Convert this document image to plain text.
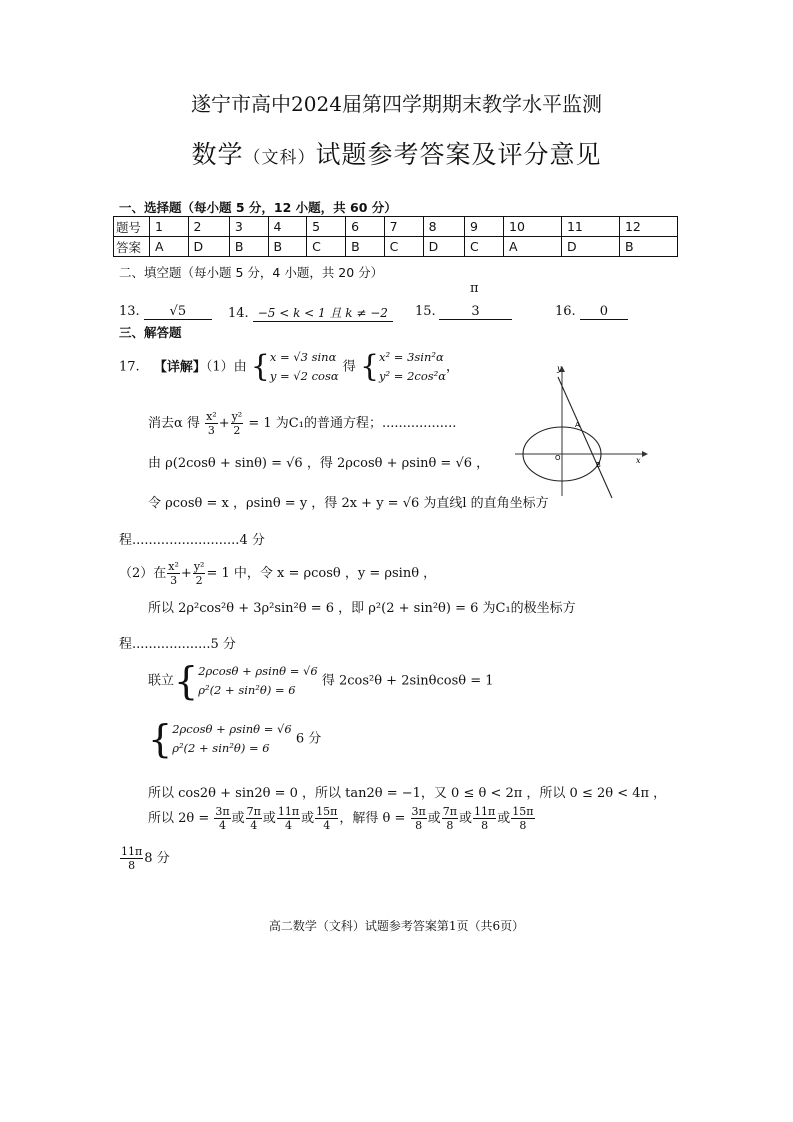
遂宁市高中2024届第四学期期末教学水平监测
数学（文科）试题参考答案及评分意见
一、选择题（每小题 5 分，12 小题，共 60 分）
题号	1	2	3	4	5	6	7	8	9	10	11	12
答案	A	D	B	B	C	B	C	D	C	A	D	B
二、填空题（每小题 5 分，4 小题，共 20 分）
13. √5	14. −5 < k < 1 且 k ≠ −2	15.
π
3	16. 0
三、解答题
17. 【详解】（1）由 { x = √3 sinα
y = √2 cosα
得 { x² = 3sin²α
y² = 2cos²α
，
消去α 得 $\frac{\text{x²}}{3} + \frac{\text{y²}}{2} = 1$ 为C₁的普通方程；..................
由 ρ(2cosθ + sinθ) = √6 ，得 2ρcosθ + ρsinθ = √6 ，
令 ρcosθ = x ，ρsinθ = y ，得 2x + y = √6 为直线l 的直角坐标方
程..........................4 分
（2）在 $\frac{\text{x²}}{3} + \frac{\text{y²}}{2} = 1$ 中，令 x = ρcosθ ，y = ρsinθ ，
所以 2ρ²cos²θ + 3ρ²sin²θ = 6 ，即 ρ²(2 + sin²θ) = 6 为C₁的极坐标方
程...................5 分
联立{ 2ρcosθ + ρsinθ = √6
ρ²(2 + sin²θ) = 6
得 2cos²θ + 2sinθcosθ = 1
{ 2ρcosθ + ρsinθ = √6
ρ²(2 + sin²θ) = 6
6 分
所以 cos2θ + sin2θ = 0 ，所以 tan2θ = −1，又 0 ≤ θ < 2π ，所以 0 ≤ 2θ < 4π ，
所以 $2\theta = \frac{3\pi}{4}$ 或 $\frac{7\pi}{4}$ 或 $\frac{11\pi}{4}$ 或 $\frac{15\pi}{4}$ ，解得 $\theta = \frac{3\pi}{8}$ 或 $\frac{7\pi}{8}$ 或 $\frac{11\pi}{8}$ 或 $\frac{15\pi}{8}$
$\frac{11\pi}{8} 8$ 分
y
x
O
A
B
高二数学（文科）试题参考答案第1页（共6页）
